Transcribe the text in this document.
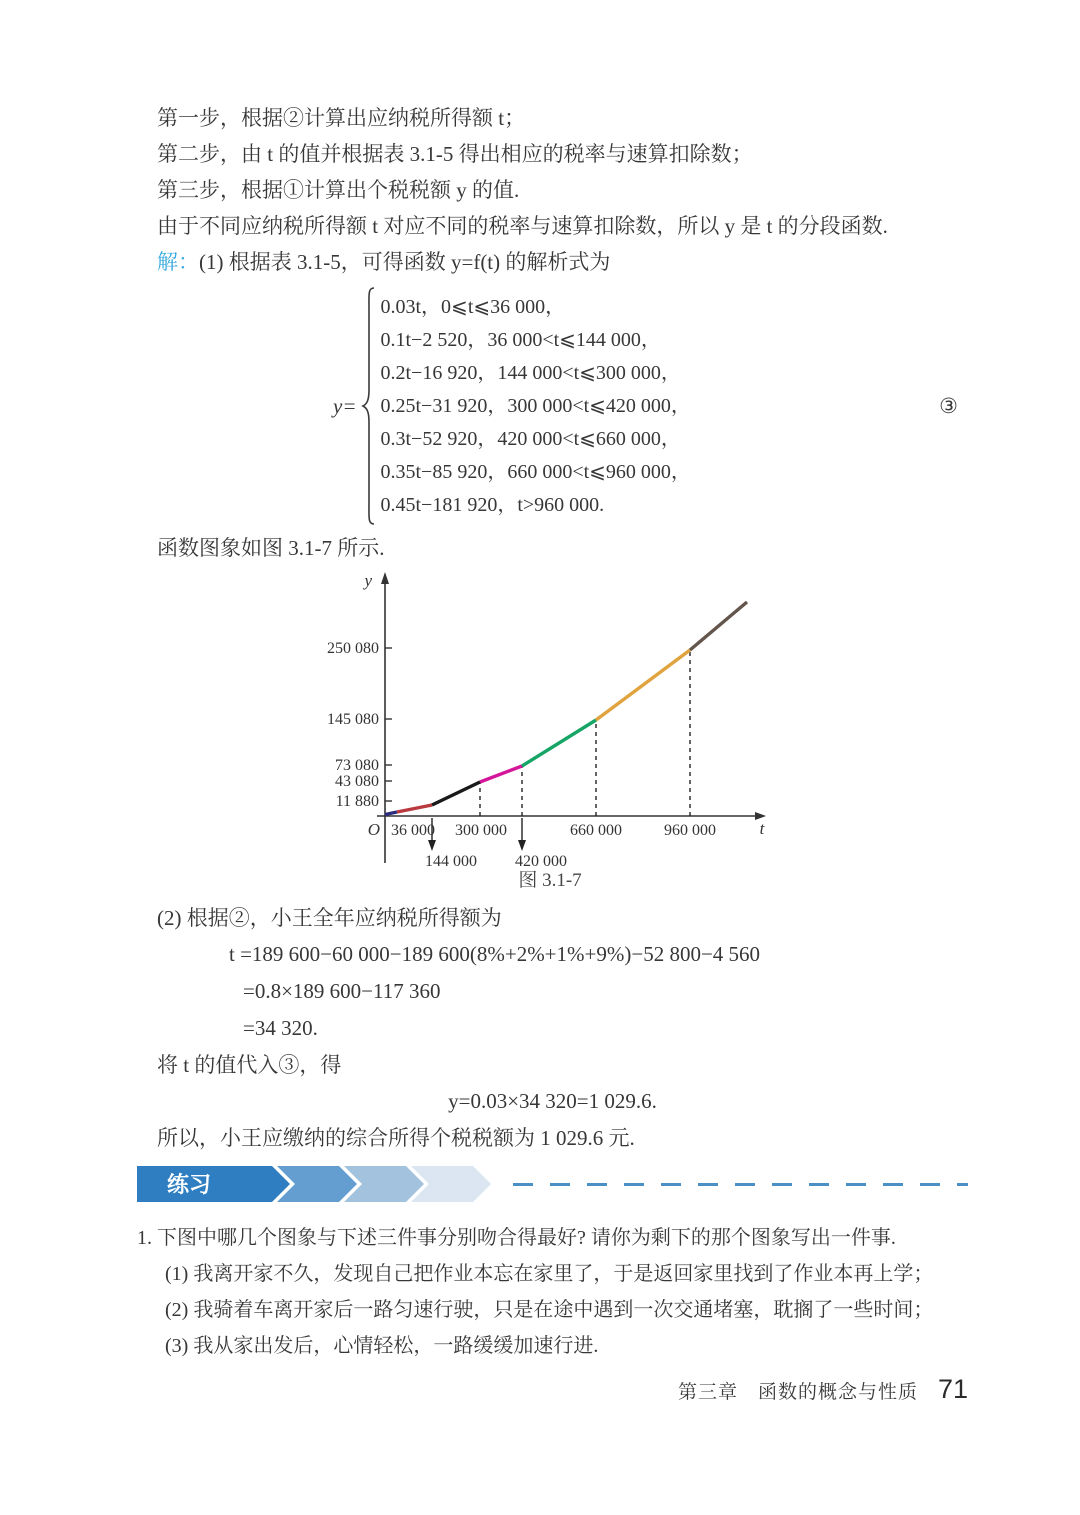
第一步，根据②计算出应纳税所得额 t；

第二步，由 t 的值并根据表 3.1-5 得出相应的税率与速算扣除数；

第三步，根据①计算出个税税额 y 的值.

由于不同应纳税所得额 t 对应不同的税率与速算扣除数，所以 y 是 t 的分段函数.

解：(1) 根据表 3.1-5，可得函数 y=f(t) 的解析式为

y=
0.03t，0⩽t⩽36 000，
0.1t−2 520，36 000<t⩽144 000，
0.2t−16 920，144 000<t⩽300 000，
0.25t−31 920，300 000<t⩽420 000，
0.3t−52 920，420 000<t⩽660 000，
0.35t−85 920，660 000<t⩽960 000，
0.45t−181 920，t>960 000.
③

函数图象如图 3.1-7 所示.

y
t
O
250 080
145 080
73 080
43 080
11 880
36 000 300 000	660 000	960 000
144 000 420 000
图 3.1-7

(2) 根据②，小王全年应纳税所得额为

t =189 600−60 000−189 600(8%+2%+1%+9%)−52 800−4 560

=0.8×189 600−117 360

=34 320.

将 t 的值代入③，得

y=0.03×34 320=1 029.6.

所以，小王应缴纳的综合所得个税税额为 1 029.6 元.

练习

1. 下图中哪几个图象与下述三件事分别吻合得最好? 请你为剩下的那个图象写出一件事.

(1) 我离开家不久，发现自己把作业本忘在家里了，于是返回家里找到了作业本再上学；

(2) 我骑着车离开家后一路匀速行驶，只是在途中遇到一次交通堵塞，耽搁了一些时间；

(3) 我从家出发后，心情轻松，一路缓缓加速行进.

第三章　函数的概念与性质 71
